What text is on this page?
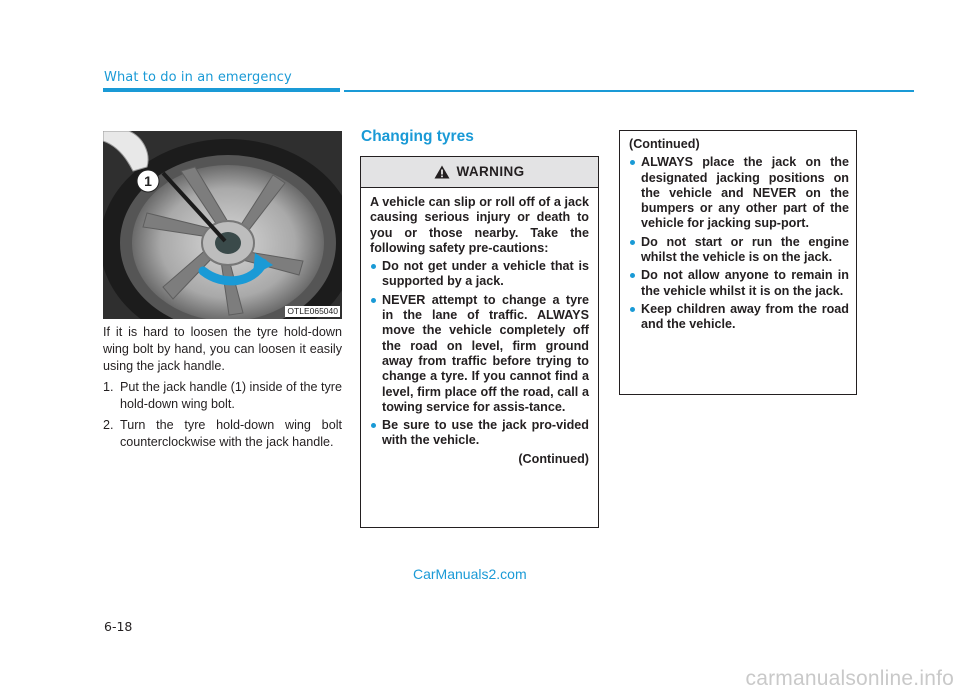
What to do in an emergency
1
OTLE065040

If it is hard to loosen the tyre hold-down wing bolt by hand, you can loosen it easily using the jack handle.

1. Put the jack handle (1) inside of the tyre hold-down wing bolt.
2. Turn the tyre hold-down wing bolt counterclockwise with the jack handle.
Changing tyres
WARNING

A vehicle can slip or roll off of a jack causing serious injury or death to you or those nearby. Take the following safety pre-cautions:

Do not get under a vehicle that is supported by a jack.
NEVER attempt to change a tyre in the lane of traffic. ALWAYS move the vehicle completely off the road on level, firm ground away from traffic before trying to change a tyre. If you cannot find a level, firm place off the road, call a towing service for assis-tance.
Be sure to use the jack pro-vided with the vehicle.
(Continued)

(Continued)

ALWAYS place the jack on the designated jacking positions on the vehicle and NEVER on the bumpers or any other part of the vehicle for jacking sup-port.
Do not start or run the engine whilst the vehicle is on the jack.
Do not allow anyone to remain in the vehicle whilst it is on the jack.
Keep children away from the road and the vehicle.
CarManuals2.com
6-18
carmanualsonline.info
